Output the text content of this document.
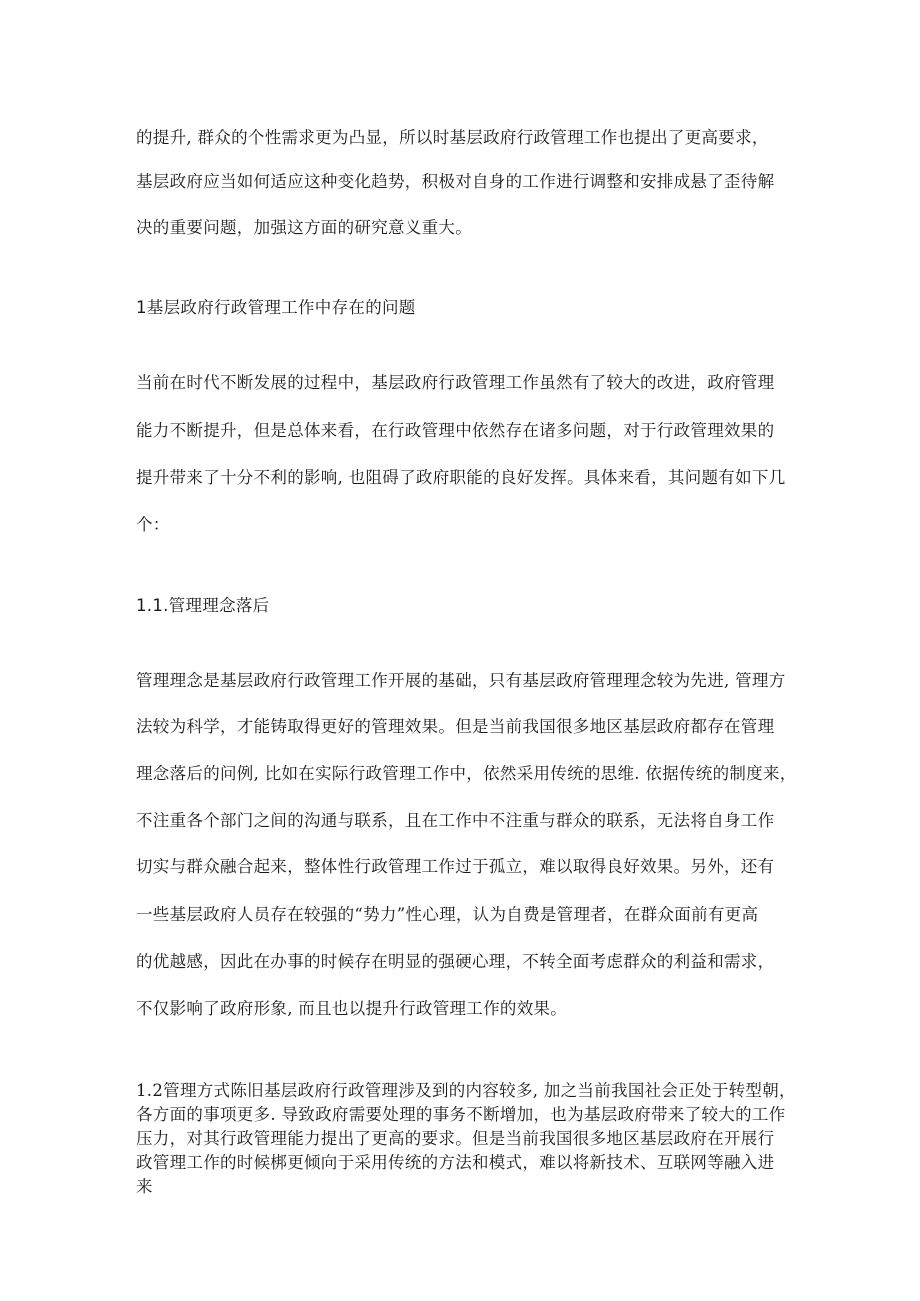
的提升, 群众的个性需求更为凸显，所以时基层政府行政管理工作也提出了更高要求，
基层政府应当如何适应这种变化趋势，积极对自身的工作进行调整和安排成悬了歪待解
决的重要问题，加强这方面的研究意义重大。
1基层政府行政管理工作中存在的问题
当前在时代不断发展的过程中，基层政府行政管理工作虽然有了较大的改进，政府管理
能力不断提升，但是总体来看，在行政管理中依然存在诸多问题，对于行政管理效果的
提升带来了十分不利的影响, 也阻碍了政府职能的良好发挥。具体来看，其问题有如下几
个：
1.1.管理理念落后
管理理念是基层政府行政管理工作开展的基础，只有基层政府管理理念较为先进, 管理方
法较为科学，才能铸取得更好的管理效果。但是当前我国很多地区基层政府都存在管理
理念落后的问例, 比如在实际行政管理工作中，依然采用传统的思维. 依据传统的制度来，
不注重各个部门之间的沟通与联系，且在工作中不注重与群众的联系，无法将自身工作
切实与群众融合起来，整体性行政管理工作过于孤立，难以取得良好效果。另外，还有
一些基层政府人员存在较强的“势力”性心理，认为自费是管理者，在群众面前有更高
的优越感，因此在办事的时候存在明显的强硬心理，不转全面考虑群众的利益和需求，
不仅影响了政府形象, 而且也以提升行政管理工作的效果。
1.2管理方式陈旧基层政府行政管理涉及到的内容较多, 加之当前我国社会正处于转型朝，
各方面的事项更多. 导致政府需要处理的事务不断增加，也为基层政府带来了较大的工作
压力，对其行政管理能力提出了更高的要求。但是当前我国很多地区基层政府在开展行
政管理工作的时候梆更倾向于采用传统的方法和模式，难以将新技术、互联网等融入进
来
